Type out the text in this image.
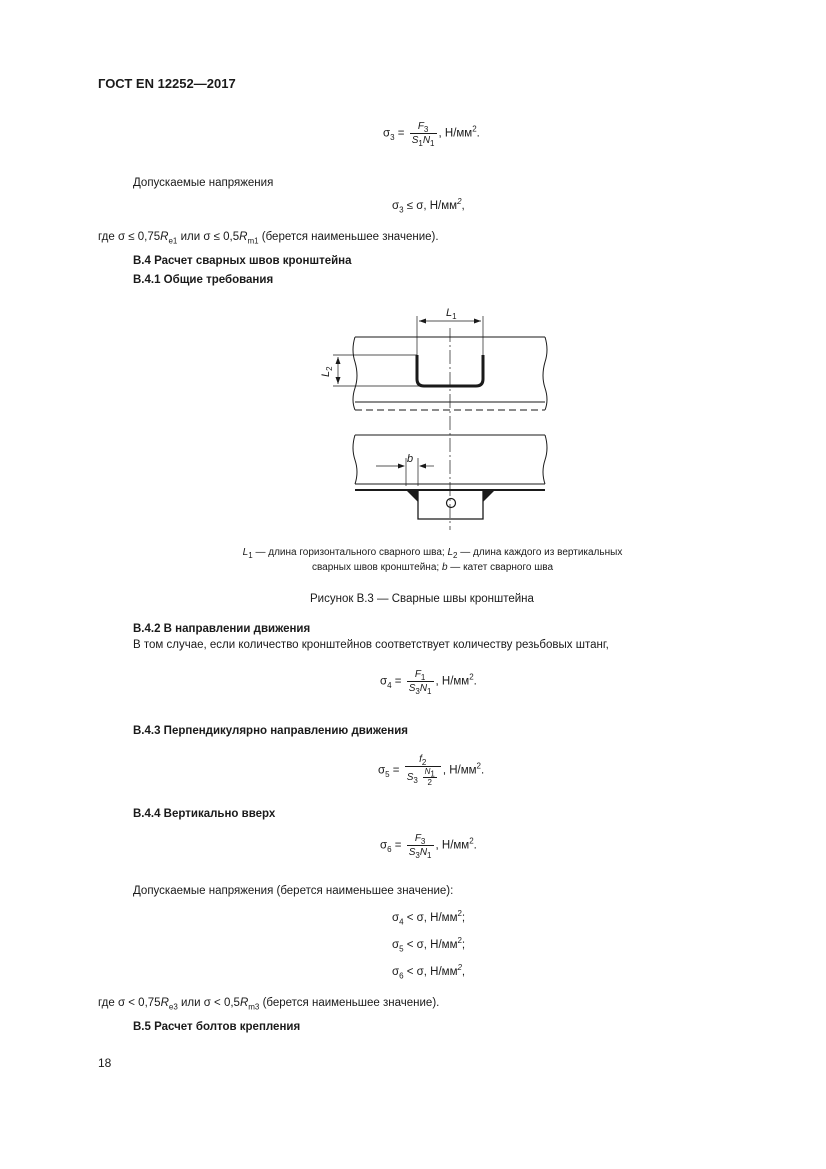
ГОСТ EN 12252—2017
$\sigma_3 = \frac{F_3}{S_1N_1}$ , $Н/мм^2$.
Допускаемые напряжения
$\sigma_3 \le \sigma$, $Н/мм^2$,
где $\sigma \le 0,75R_{e1}$ или $\sigma \le 0,5R_{m1}$ (берется наименьшее значение).
В.4 Расчет сварных швов кронштейна
В.4.1 Общие требования
$L_1$
$L_2$
b
$L_1$ — длина горизонтального сварного шва; $L_2$ — длина каждого из вертикальных
сварных швов кронштейна; b — катет сварного шва
Рисунок В.3 — Сварные швы кронштейна
В.4.2 В направлении движения
В том случае, если количество кронштейнов соответствует количеству резьбовых штанг,
$\sigma_4 = \frac{F_1}{S_3N_1}$ , $Н/мм^2$.
В.4.3 Перпендикулярно направлению движения
$\sigma_5 = \frac{f_2}{S_3 \frac{N_1}{2}}$ , $Н/мм^2$.
В.4.4 Вертикально вверх
$\sigma_6 = \frac{F_3}{S_3N_1}$ , $Н/мм^2$.
Допускаемые напряжения (берется наименьшее значение):
$\sigma_4 < \sigma$, $Н/мм^2$;
$\sigma_5 < \sigma$, $Н/мм^2$;
$\sigma_6 < \sigma$, $Н/мм^2$,
где $\sigma < 0,75R_{e3}$ или $\sigma < 0,5R_{m3}$ (берется наименьшее значение).
В.5 Расчет болтов крепления
18
